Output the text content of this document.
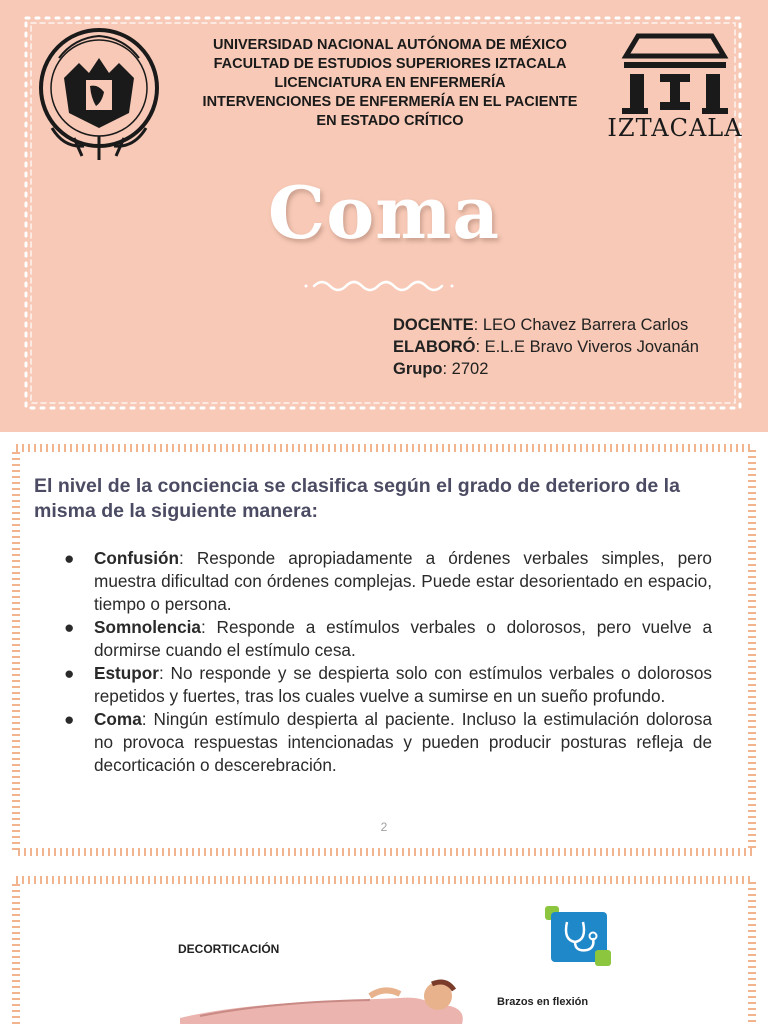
UNIVERSIDAD NACIONAL AUTÓNOMA DE MÉXICO
FACULTAD DE ESTUDIOS SUPERIORES IZTACALA
LICENCIATURA EN ENFERMERÍA
INTERVENCIONES DE ENFERMERÍA EN EL PACIENTE
EN ESTADO CRÍTICO	IZTACALA
Coma
DOCENTE: LEO Chavez Barrera Carlos
ELABORÓ: E.L.E Bravo Viveros Jovanán
Grupo: 2702
El nivel de la conciencia se clasifica según el grado de deterioro de la misma de la siguiente manera:
● Confusión: Responde apropiadamente a órdenes verbales simples, pero muestra dificultad con órdenes complejas. Puede estar desorientado en espacio, tiempo o persona.
● Somnolencia: Responde a estímulos verbales o dolorosos, pero vuelve a dormirse cuando el estímulo cesa.
● Estupor: No responde y se despierta solo con estímulos verbales o dolorosos repetidos y fuertes, tras los cuales vuelve a sumirse en un sueño profundo.
● Coma: Ningún estímulo despierta al paciente. Incluso la estimulación dolorosa no provoca respuestas intencionadas y pueden producir posturas refleja de decorticación o descerebración.
2
DECORTICACIÓN
Brazos en flexión
